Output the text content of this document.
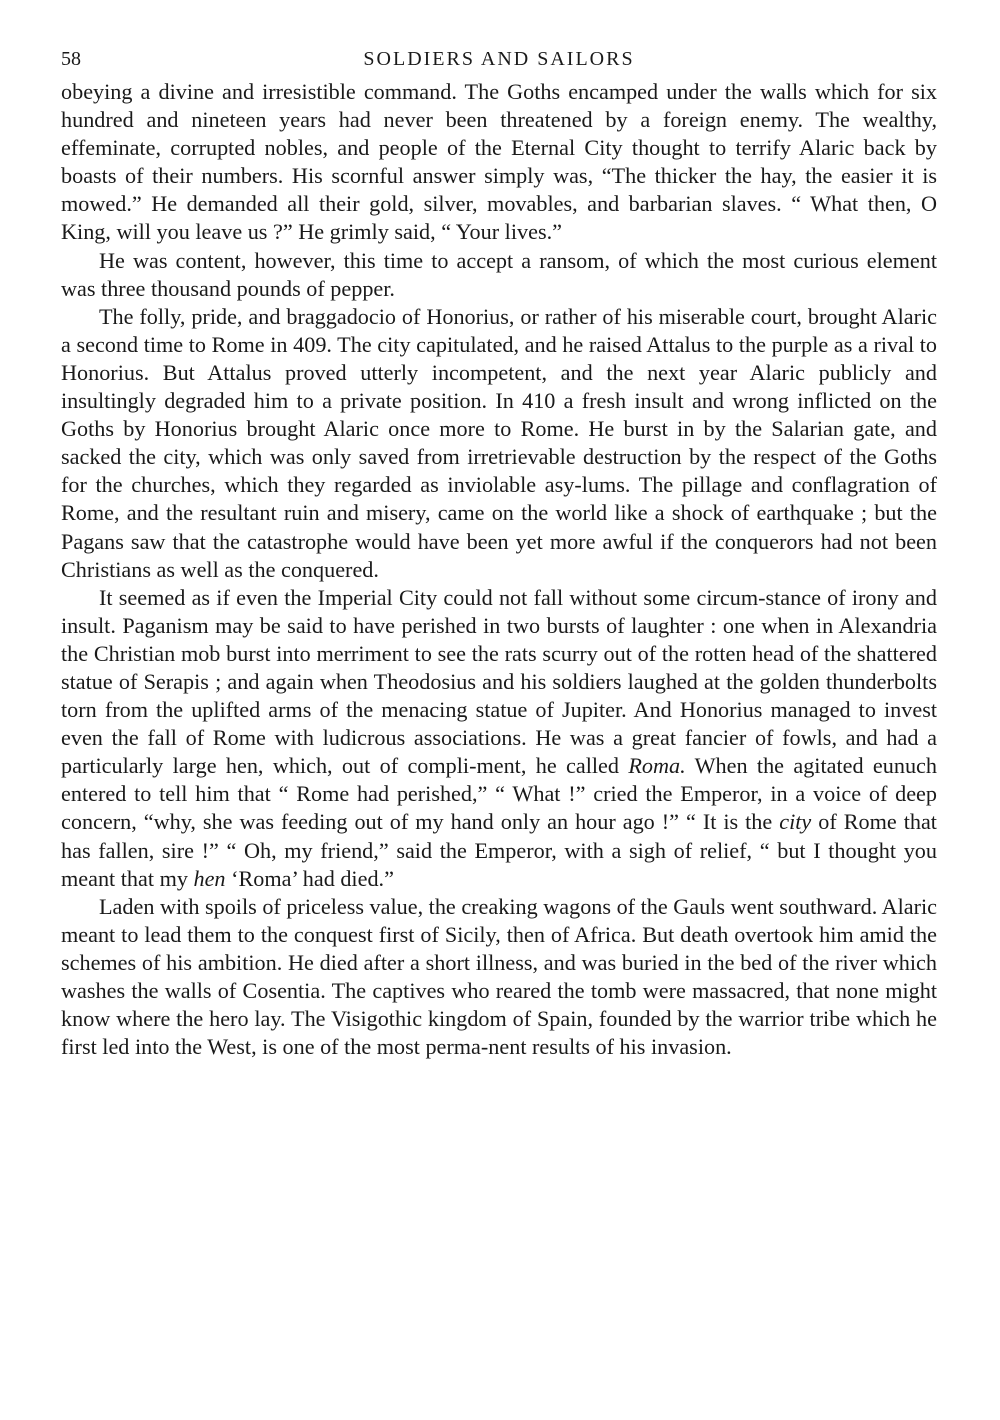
58	SOLDIERS AND SAILORS

obeying a divine and irresistible command. The Goths encamped under the walls which for six hundred and nineteen years had never been threatened by a foreign enemy. The wealthy, effeminate, corrupted nobles, and people of the Eternal City thought to terrify Alaric back by boasts of their numbers. His scornful answer simply was, “The thicker the hay, the easier it is mowed.” He demanded all their gold, silver, movables, and barbarian slaves. “ What then, O King, will you leave us ?” He grimly said, “ Your lives.”

He was content, however, this time to accept a ransom, of which the most curious element was three thousand pounds of pepper.

The folly, pride, and braggadocio of Honorius, or rather of his miserable court, brought Alaric a second time to Rome in 409. The city capitulated, and he raised Attalus to the purple as a rival to Honorius. But Attalus proved utterly incompetent, and the next year Alaric publicly and insultingly degraded him to a private position. In 410 a fresh insult and wrong inflicted on the Goths by Honorius brought Alaric once more to Rome. He burst in by the Salarian gate, and sacked the city, which was only saved from irretrievable destruction by the respect of the Goths for the churches, which they regarded as inviolable asy-lums. The pillage and conflagration of Rome, and the resultant ruin and misery, came on the world like a shock of earthquake ; but the Pagans saw that the catastrophe would have been yet more awful if the conquerors had not been Christians as well as the conquered.

It seemed as if even the Imperial City could not fall without some circum-stance of irony and insult. Paganism may be said to have perished in two bursts of laughter : one when in Alexandria the Christian mob burst into merriment to see the rats scurry out of the rotten head of the shattered statue of Serapis ; and again when Theodosius and his soldiers laughed at the golden thunderbolts torn from the uplifted arms of the menacing statue of Jupiter. And Honorius managed to invest even the fall of Rome with ludicrous associations. He was a great fancier of fowls, and had a particularly large hen, which, out of compli-ment, he called Roma. When the agitated eunuch entered to tell him that “ Rome had perished,” “ What !” cried the Emperor, in a voice of deep concern, “why, she was feeding out of my hand only an hour ago !” “ It is the city of Rome that has fallen, sire !” “ Oh, my friend,” said the Emperor, with a sigh of relief, “ but I thought you meant that my hen ‘Roma’ had died.”

Laden with spoils of priceless value, the creaking wagons of the Gauls went southward. Alaric meant to lead them to the conquest first of Sicily, then of Africa. But death overtook him amid the schemes of his ambition. He died after a short illness, and was buried in the bed of the river which washes the walls of Cosentia. The captives who reared the tomb were massacred, that none might know where the hero lay. The Visigothic kingdom of Spain, founded by the warrior tribe which he first led into the West, is one of the most perma-nent results of his invasion.
